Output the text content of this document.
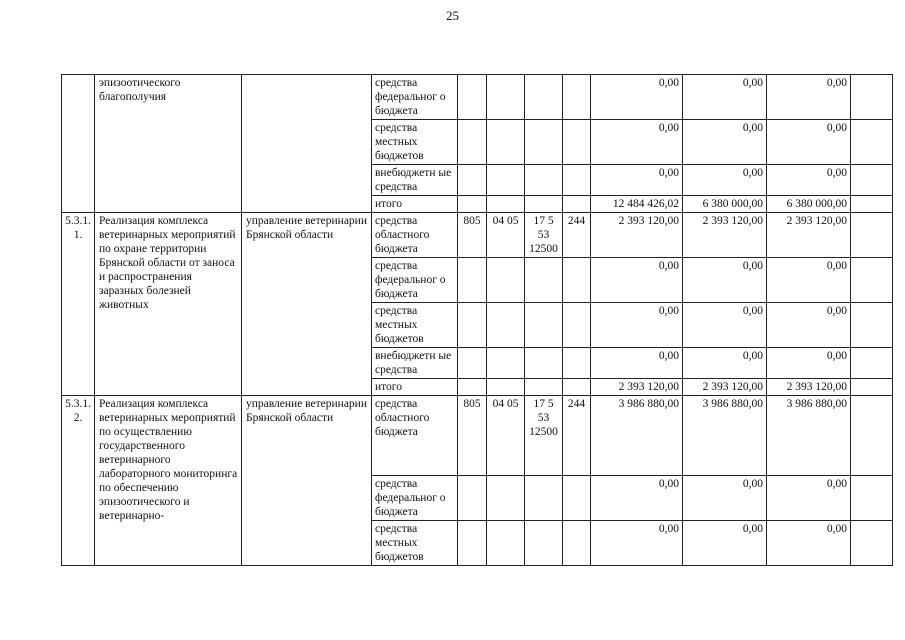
25
	эпизоотического благополучия		средства федеральног о бюджета					0,00	0,00	0,00	
			средства местных бюджетов					0,00	0,00	0,00	
			внебюджетн ые средства					0,00	0,00	0,00	
			итого					12 484 426,02	6 380 000,00	6 380 000,00	
5.3.1. 1.	Реализация комплекса ветеринарных мероприятий по охране территории Брянской области от заноса и распространения заразных болезней животных	управление ветеринарии Брянской области	средства областного бюджета	805	04 05	17 5 53 12500	244	2 393 120,00	2 393 120,00	2 393 120,00	
			средства федеральног о бюджета					0,00	0,00	0,00	
			средства местных бюджетов					0,00	0,00	0,00	
			внебюджетн ые средства					0,00	0,00	0,00	
			итого					2 393 120,00	2 393 120,00	2 393 120,00	
5.3.1. 2.	Реализация комплекса ветеринарных мероприятий по осуществлению государственного ветеринарного лабораторного мониторинга по обеспечению эпизоотического и ветеринарно-	управление ветеринарии Брянской области	средства областного бюджета	805	04 05	17 5 53 12500	244	3 986 880,00	3 986 880,00	3 986 880,00	
			средства федеральног о бюджета					0,00	0,00	0,00	
			средства местных бюджетов					0,00	0,00	0,00	
